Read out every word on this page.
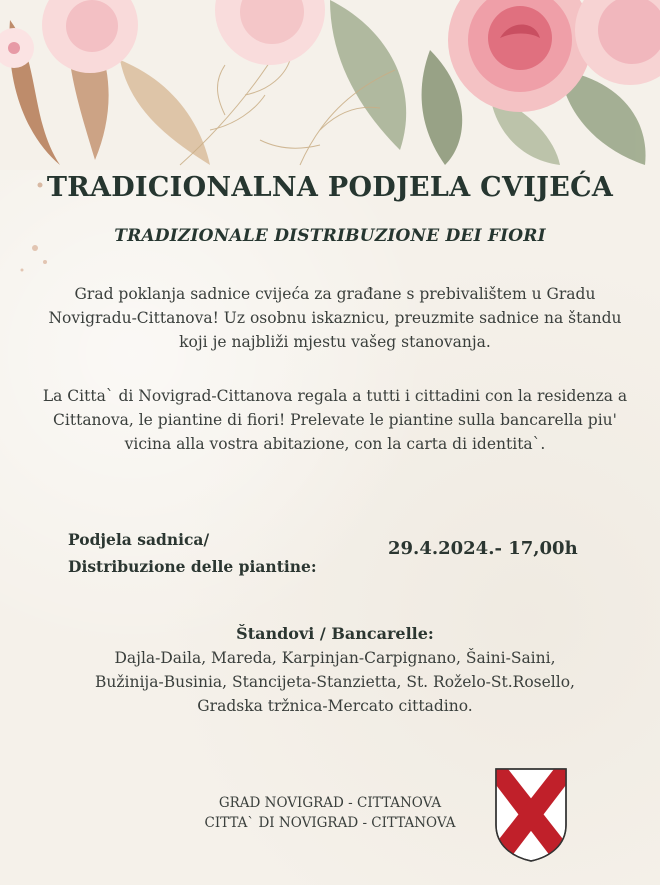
TRADICIONALNA PODJELA CVIJEĆA
TRADIZIONALE DISTRIBUZIONE DEI FIORI
Grad poklanja sadnice cvijeća za građane s prebivalištem u Gradu Novigradu-Cittanova! Uz osobnu iskaznicu, preuzmite sadnice na štandu koji je najbliži mjestu vašeg stanovanja.
La Citta` di Novigrad-Cittanova regala a tutti i cittadini con la residenza a Cittanova, le piantine di fiori! Prelevate le piantine sulla bancarella piu' vicina alla vostra abitazione, con la carta di identita`.
Podjela sadnica/
Distribuzione delle piantine:
29.4.2024.- 17,00h
Štandovi / Bancarelle:
Dajla-Daila, Mareda, Karpinjan-Carpignano, Šaini-Saini,
Bužinija-Businia, Stancijeta-Stanzietta, St. Roželo-St.Rosello,
Gradska tržnica-Mercato cittadino.
GRAD NOVIGRAD - CITTANOVA
CITTA` DI NOVIGRAD - CITTANOVA
